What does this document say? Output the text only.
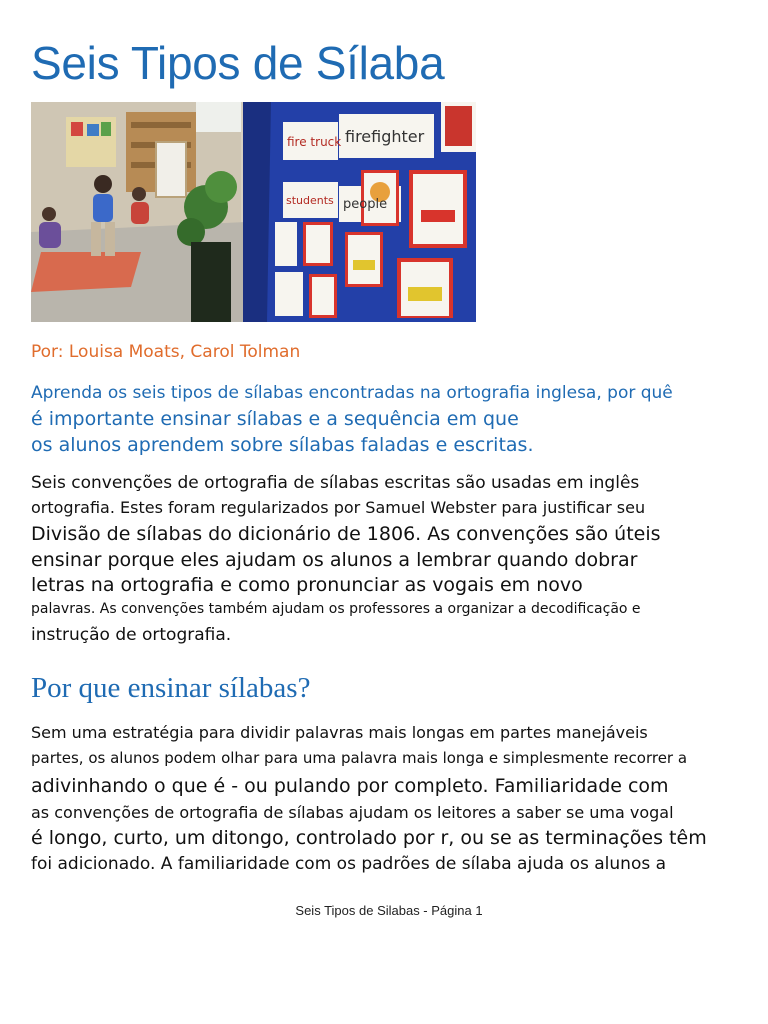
Seis Tipos de Sílaba
fire truck firefighter
students people
Por: Louisa Moats, Carol Tolman
Aprenda os seis tipos de sílabas encontradas na ortografia inglesa, por quê
é importante ensinar sílabas e a sequência em que
os alunos aprendem sobre sílabas faladas e escritas.
Seis convenções de ortografia de sílabas escritas são usadas em inglês
ortografia. Estes foram regularizados por Samuel Webster para justificar seu
Divisão de sílabas do dicionário de 1806. As convenções são úteis
ensinar porque eles ajudam os alunos a lembrar quando dobrar
letras na ortografia e como pronunciar as vogais em novo
palavras. As convenções também ajudam os professores a organizar a decodificação e
instrução de ortografia.
Por que ensinar sílabas?
Sem uma estratégia para dividir palavras mais longas em partes manejáveis
partes, os alunos podem olhar para uma palavra mais longa e simplesmente recorrer a
adivinhando o que é - ou pulando por completo. Familiaridade com
as convenções de ortografia de sílabas ajudam os leitores a saber se uma vogal
é longo, curto, um ditongo, controlado por r, ou se as terminações têm
foi adicionado. A familiaridade com os padrões de sílaba ajuda os alunos a
Seis Tipos de Silabas - Página 1
